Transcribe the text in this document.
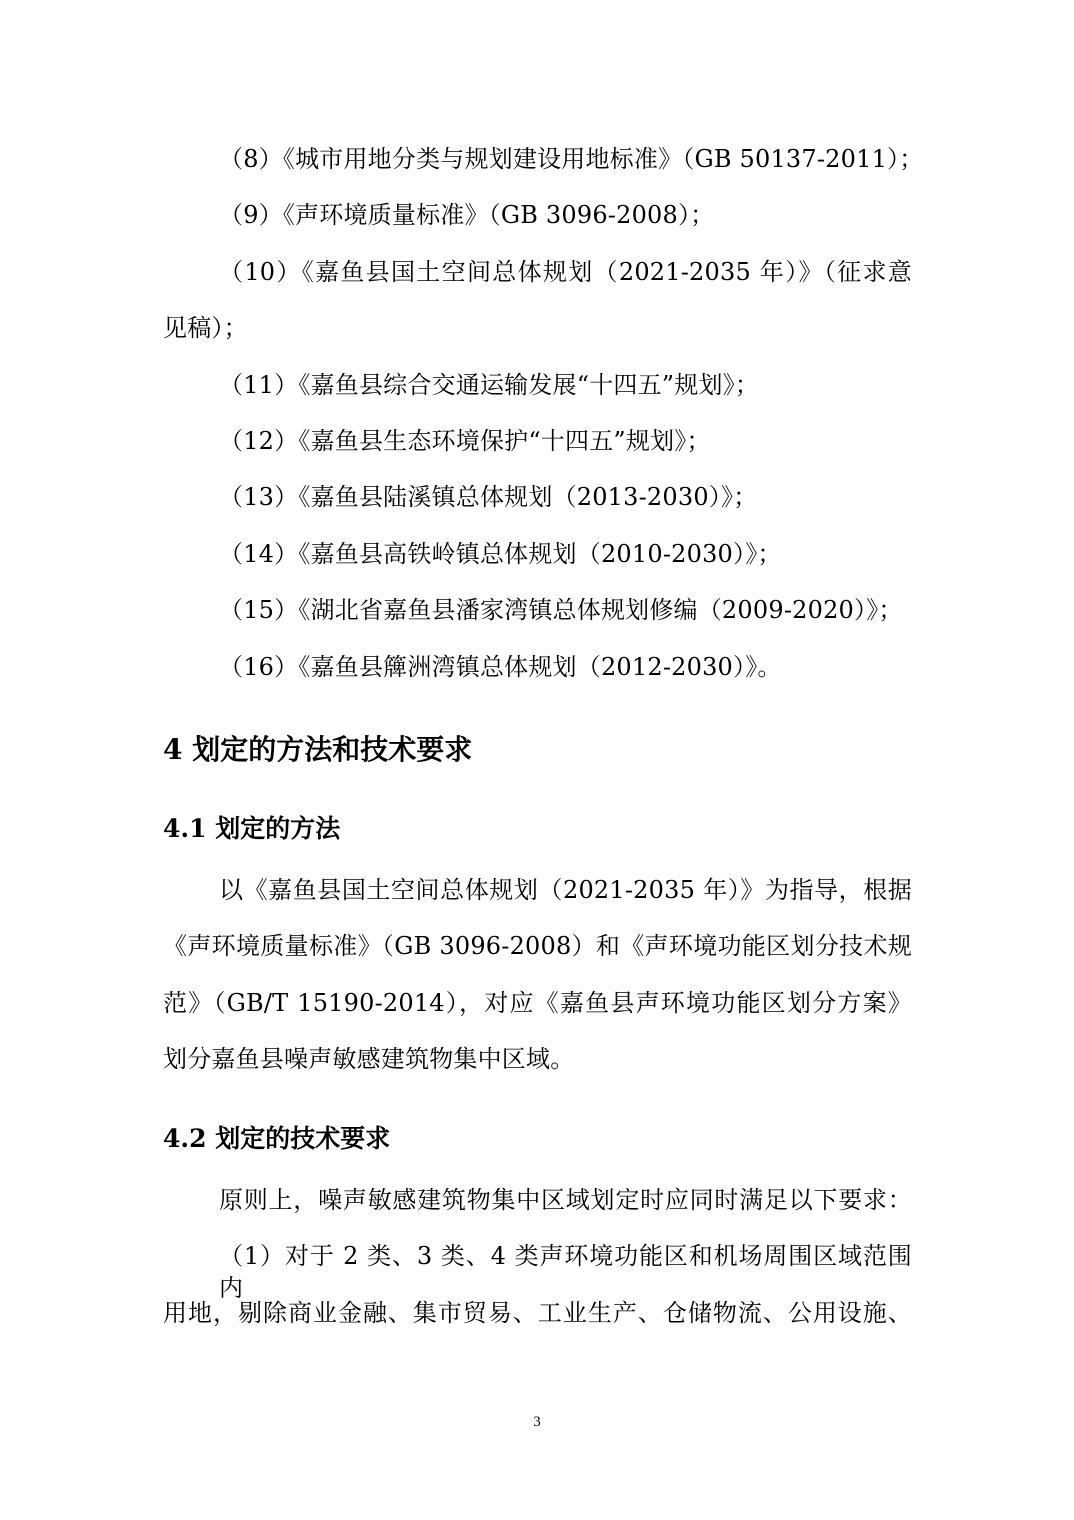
（8）《城市用地分类与规划建设用地标准》（GB 50137-2011）；
（9）《声环境质量标准》（GB 3096-2008）；
（10）《嘉鱼县国土空间总体规划（2021-2035 年）》（征求意
见稿）；
（11）《嘉鱼县综合交通运输发展“十四五”规划》；
（12）《嘉鱼县生态环境保护“十四五”规划》；
（13）《嘉鱼县陆溪镇总体规划（2013-2030）》；
（14）《嘉鱼县高铁岭镇总体规划（2010-2030）》；
（15）《湖北省嘉鱼县潘家湾镇总体规划修编（2009-2020）》；
（16）《嘉鱼县簰洲湾镇总体规划（2012-2030）》。
4 划定的方法和技术要求
4.1 划定的方法
以《嘉鱼县国土空间总体规划（2021-2035 年）》为指导，根据
《声环境质量标准》（GB 3096-2008）和《声环境功能区划分技术规
范》（GB/T 15190-2014），对应《嘉鱼县声环境功能区划分方案》
划分嘉鱼县噪声敏感建筑物集中区域。
4.2 划定的技术要求
原则上，噪声敏感建筑物集中区域划定时应同时满足以下要求：
（1）对于 2 类、3 类、4 类声环境功能区和机场周围区域范围内
用地，剔除商业金融、集市贸易、工业生产、仓储物流、公用设施、
3
